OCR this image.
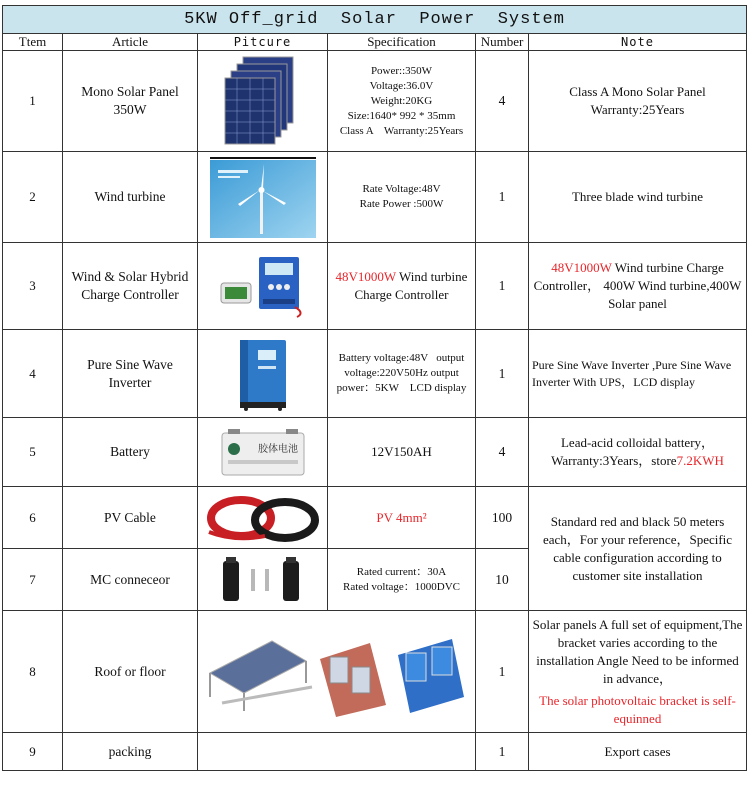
5KW Off_grid  Solar  Power  System					
Ttem	Article	Pitcure	Specification	Number	Note
1	Mono Solar Panel 350W		Power::350W
Voltage:36.0V
Weight:20KG
Size:1640* 992 * 35mm
Class A    Warranty:25Years	4	Class A Mono Solar Panel Warranty:25Years
2	Wind turbine		Rate Voltage:48V
Rate Power :500W	1	Three blade wind turbine
3	Wind & Solar Hybrid Charge Controller		48V1000W Wind turbine Charge Controller	1	48V1000W Wind turbine Charge Controller， 400W Wind turbine,400W Solar panel
4	Pure Sine Wave Inverter		Battery voltage:48V   output voltage:220V50Hz output power：5KW    LCD display	1	Pure Sine Wave Inverter ,Pure Sine Wave Inverter With UPS，LCD display
5	Battery	胶体电池	12V150AH	4	Lead-acid colloidal battery，Warranty:3Years，store7.2KWH
6	PV Cable		PV 4mm²	100	Standard red and black 50 meters each，For your reference，Specific cable configuration according to customer site installation
7	MC conneceor		Rated current：30A
Rated voltage：1000DVC	10	
8	Roof or floor			1	Solar panels A full set of equipment,The bracket varies according to the installation Angle Need to be informed in advance，
The solar photovoltaic bracket is self-equinned

9	packing			1	Export cases
